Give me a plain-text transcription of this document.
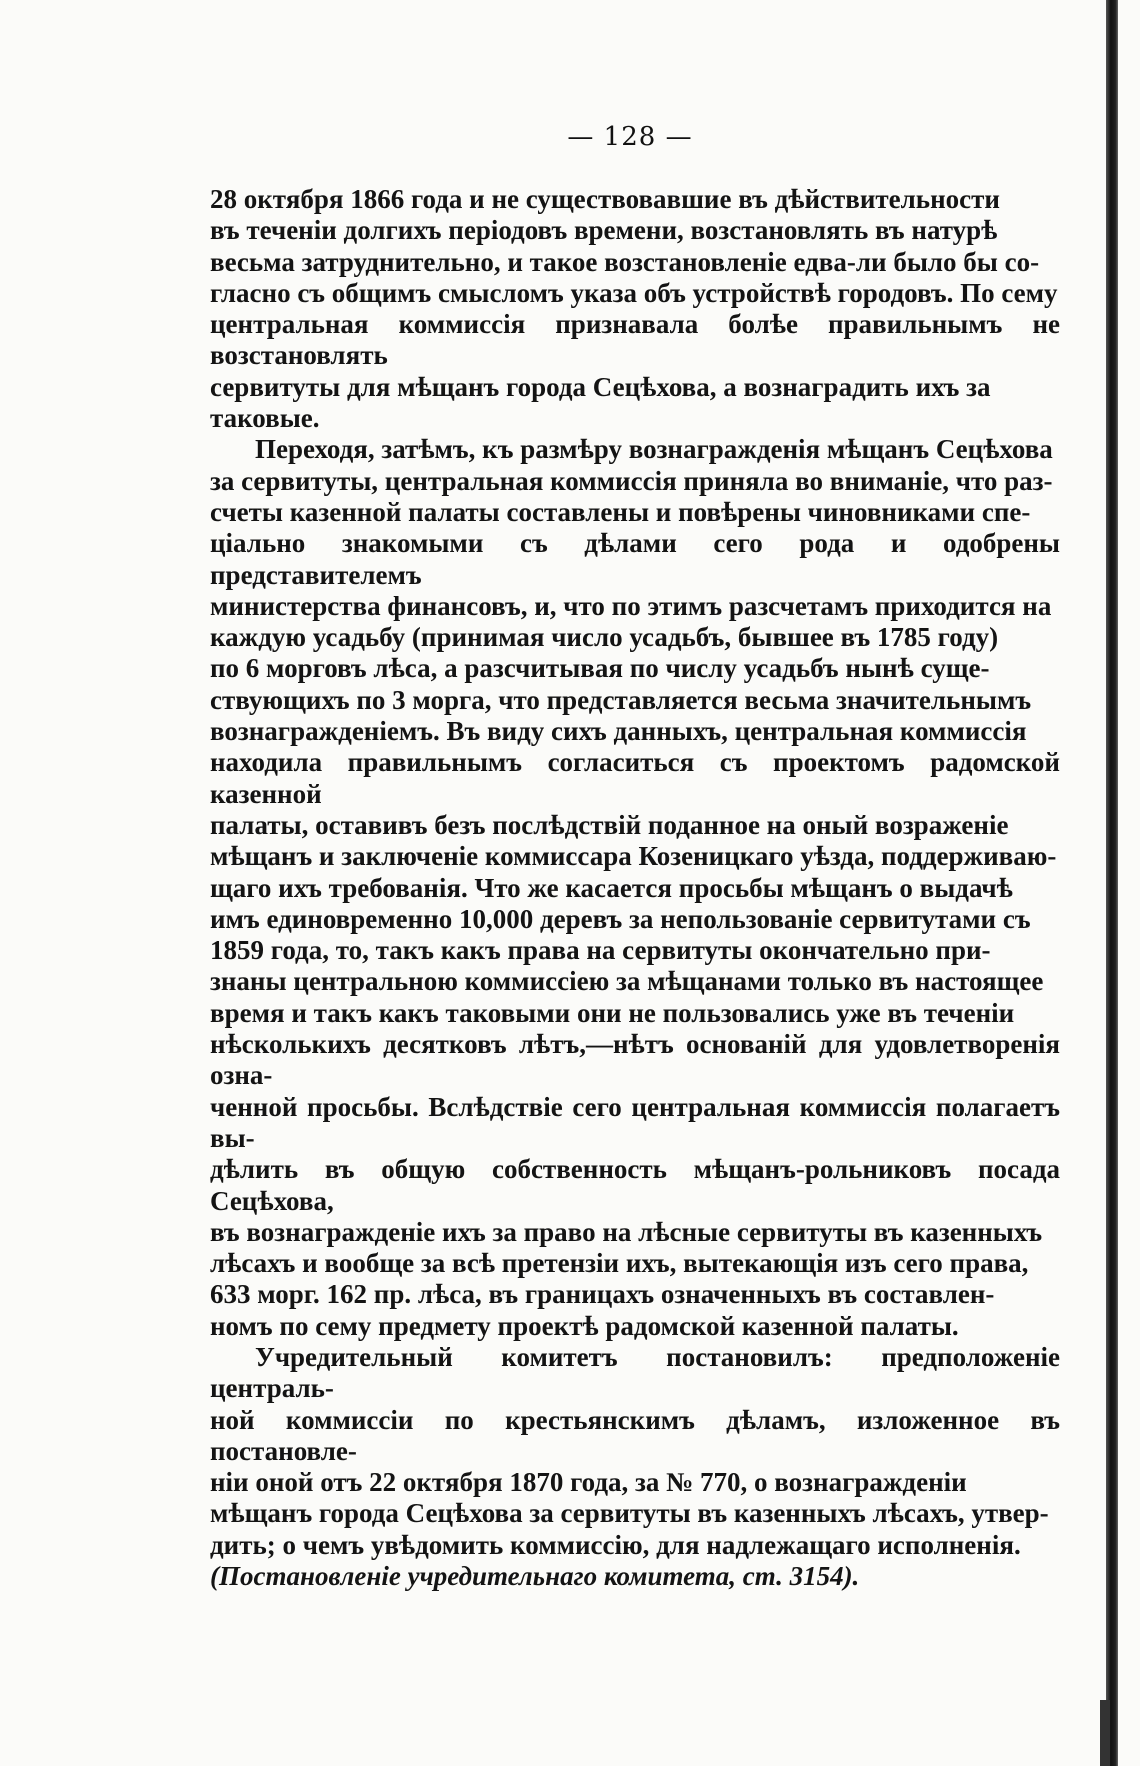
— 128 —

28 октября 1866 года и не существовавшие въ дѣйствительности
въ теченіи долгихъ періодовъ времени, возстановлять въ натурѣ
весьма затруднительно, и такое возстановленіе едва-ли было бы со-
гласно съ общимъ смысломъ указа объ устройствѣ городовъ. По сему
центральная коммиссія признавала болѣе правильнымъ не возстановлять
сервитуты для мѣщанъ города Сецѣхова, а вознаградить ихъ за
таковые.

Переходя, затѣмъ, къ размѣру вознагражденія мѣщанъ Сецѣхова
за сервитуты, центральная коммиссія приняла во вниманіе, что раз-
счеты казенной палаты составлены и повѣрены чиновниками спе-
ціально знакомыми съ дѣлами сего рода и одобрены представителемъ
министерства финансовъ, и, что по этимъ разсчетамъ приходится на
каждую усадьбу (принимая число усадьбъ, бывшее въ 1785 году)
по 6 морговъ лѣса, а разсчитывая по числу усадьбъ нынѣ суще-
ствующихъ по 3 морга, что представляется весьма значительнымъ
вознагражденіемъ. Въ виду сихъ данныхъ, центральная коммиссія
находила правильнымъ согласиться съ проектомъ радомской казенной
палаты, оставивъ безъ послѣдствій поданное на оный возраженіе
мѣщанъ и заключеніе коммиссара Козеницкаго уѣзда, поддерживаю-
щаго ихъ требованія. Что же касается просьбы мѣщанъ о выдачѣ
имъ единовременно 10,000 деревъ за непользованіе сервитутами съ
1859 года, то, такъ какъ права на сервитуты окончательно при-
знаны центральною коммиссіею за мѣщанами только въ настоящее
время и такъ какъ таковыми они не пользовались уже въ теченіи
нѣсколькихъ десятковъ лѣтъ,—нѣтъ основаній для удовлетворенія озна-
ченной просьбы. Вслѣдствіе сего центральная коммиссія полагаетъ вы-
дѣлить въ общую собственность мѣщанъ-рольниковъ посада Сецѣхова,
въ вознагражденіе ихъ за право на лѣсные сервитуты въ казенныхъ
лѣсахъ и вообще за всѣ претензіи ихъ, вытекающія изъ сего права,
633 морг. 162 пр. лѣса, въ границахъ означенныхъ въ составлен-
номъ по сему предмету проектѣ радомской казенной палаты.

Учредительный комитетъ постановилъ: предположеніе централь-
ной коммиссіи по крестьянскимъ дѣламъ, изложенное въ постановле-
ніи оной отъ 22 октября 1870 года, за № 770, о вознагражденіи
мѣщанъ города Сецѣхова за сервитуты въ казенныхъ лѣсахъ, утвер-
дить; о чемъ увѣдомить коммиссію, для надлежащаго исполненія.
(Постановленіе учредительнаго комитета, ст. 3154).
